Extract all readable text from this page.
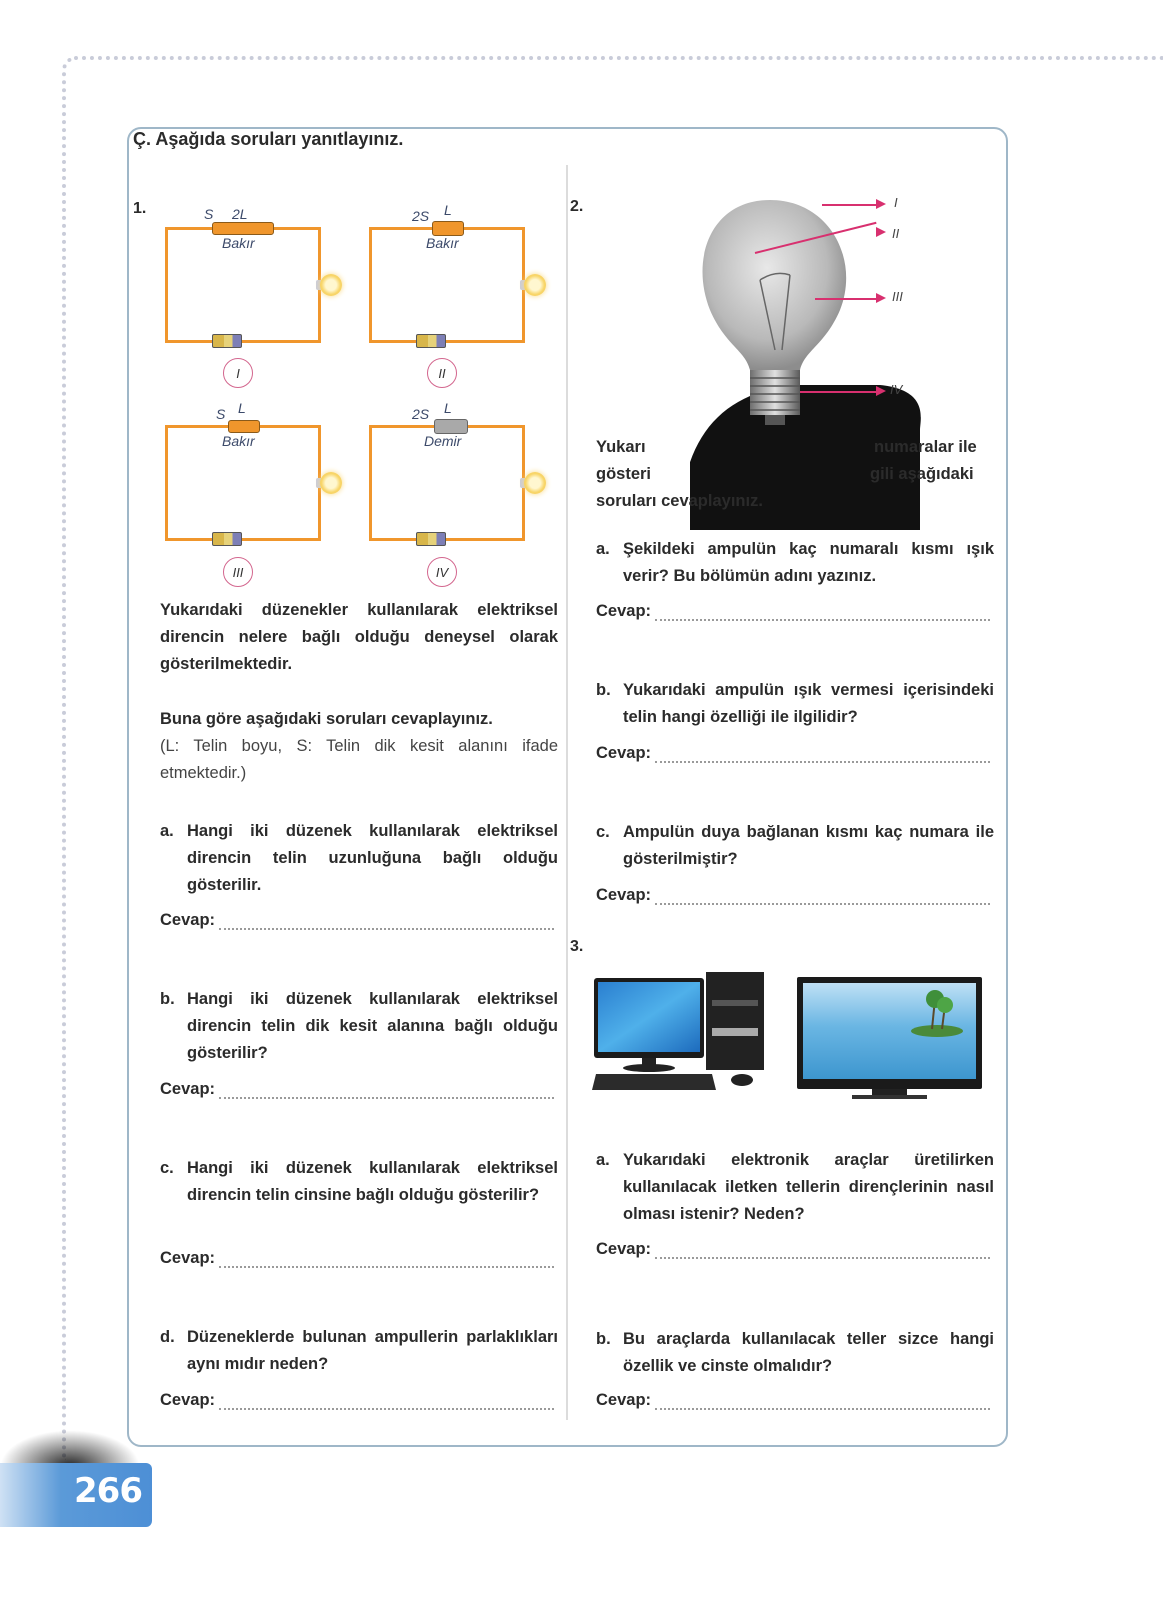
Ç. Aşağıda soruları yanıtlayınız.
1.	S 2L
Bakır
I
2S L
Bakır
II
S L
Bakır
III
2S L
Demir
IV
Yukarıdaki düzenekler kullanılarak elektriksel direncin nelere bağlı olduğu deneysel olarak gösterilmektedir.
Buna göre aşağıdaki soruları cevaplayınız.
(L: Telin boyu, S: Telin dik kesit alanını ifade etmektedir.)
a. Hangi iki düzenek kullanılarak elektriksel direncin telin uzunluğuna bağlı olduğu gösterilir.
Cevap:
b. Hangi iki düzenek kullanılarak elektriksel direncin telin dik kesit alanına bağlı olduğu gösterilir?
Cevap:
c. Hangi iki düzenek kullanılarak elektriksel direncin telin cinsine bağlı olduğu gösterilir?
Cevap:
d. Düzeneklerde bulunan ampullerin parlaklıkları aynı mıdır neden?
Cevap:
2.	I
II
III
IV
Yukarı	numaralar ile
gösteri	gili aşağıdaki
soruları cevaplayınız.
a. Şekildeki ampulün kaç numaralı kısmı ışık verir? Bu bölümün adını yazınız.
Cevap:
b. Yukarıdaki ampulün ışık vermesi içerisindeki telin hangi özelliği ile ilgilidir?
Cevap:
c. Ampulün duya bağlanan kısmı kaç numara ile gösterilmiştir?
Cevap:
3.
a. Yukarıdaki elektronik araçlar üretilirken kullanılacak iletken tellerin dirençlerinin nasıl olması istenir? Neden?
Cevap:
b. Bu araçlarda kullanılacak teller sizce hangi özellik ve cinste olmalıdır?
Cevap:
266
